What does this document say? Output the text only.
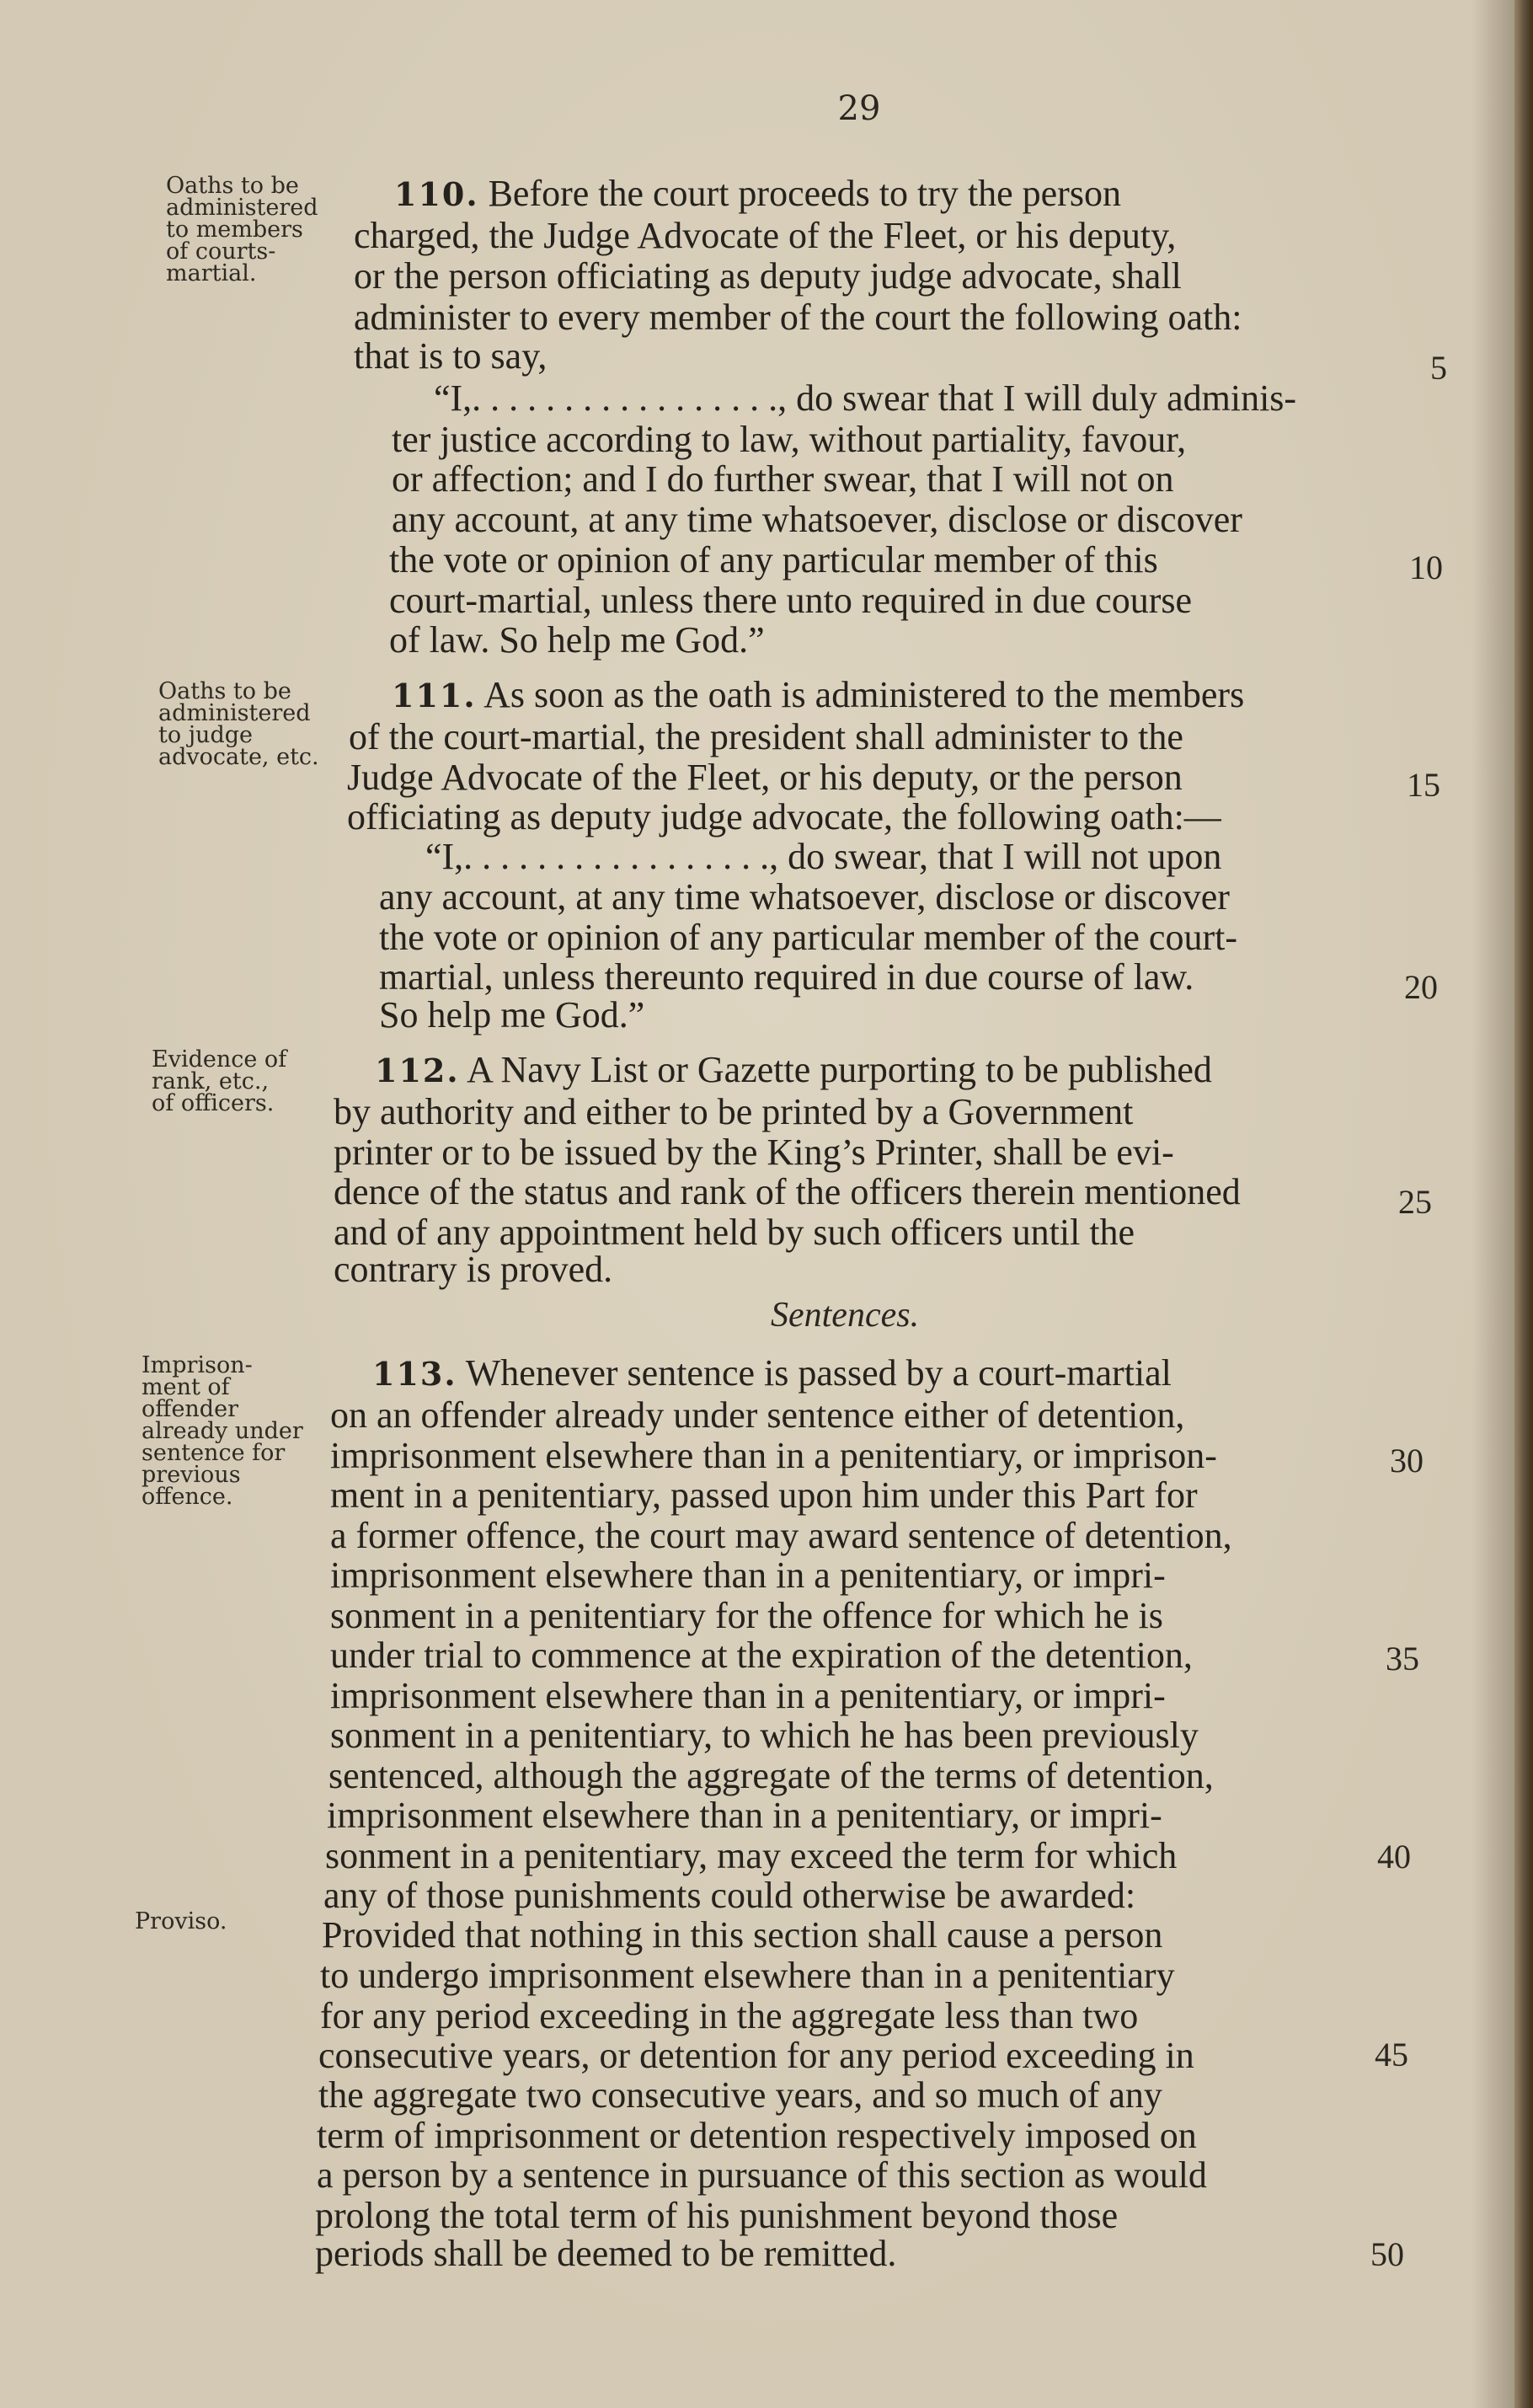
29
Oaths to be
administered
to members
of courts-
martial.
Oaths to be
administered
to judge
advocate, etc.
Evidence of
rank, etc.,
of officers.
Imprison-
ment of
offender
already under
sentence for
previous
offence.
Proviso.
110. Before the court proceeds to try the person
charged, the Judge Advocate of the Fleet, or his deputy,
or the person officiating as deputy judge advocate, shall
administer to every member of the court the following oath:
that is to say,
“I,. . . . . . . . . . . . . . . . ., do swear that I will duly adminis-
ter justice according to law, without partiality, favour,
or affection; and I do further swear, that I will not on
any account, at any time whatsoever, disclose or discover
the vote or opinion of any particular member of this
court-martial, unless there unto required in due course
of law. So help me God.”
111. As soon as the oath is administered to the members
of the court-martial, the president shall administer to the
Judge Advocate of the Fleet, or his deputy, or the person
officiating as deputy judge advocate, the following oath:—
“I,. . . . . . . . . . . . . . . . ., do swear, that I will not upon
any account, at any time whatsoever, disclose or discover
the vote or opinion of any particular member of the court-
martial, unless thereunto required in due course of law.
So help me God.”
112. A Navy List or Gazette purporting to be published
by authority and either to be printed by a Government
printer or to be issued by the King’s Printer, shall be evi-
dence of the status and rank of the officers therein mentioned
and of any appointment held by such officers until the
contrary is proved.
Sentences.
113. Whenever sentence is passed by a court-martial
on an offender already under sentence either of detention,
imprisonment elsewhere than in a penitentiary, or imprison-
ment in a penitentiary, passed upon him under this Part for
a former offence, the court may award sentence of detention,
imprisonment elsewhere than in a penitentiary, or impri-
sonment in a penitentiary for the offence for which he is
under trial to commence at the expiration of the detention,
imprisonment elsewhere than in a penitentiary, or impri-
sonment in a penitentiary, to which he has been previously
sentenced, although the aggregate of the terms of detention,
imprisonment elsewhere than in a penitentiary, or impri-
sonment in a penitentiary, may exceed the term for which
any of those punishments could otherwise be awarded:
Provided that nothing in this section shall cause a person
to undergo imprisonment elsewhere than in a penitentiary
for any period exceeding in the aggregate less than two
consecutive years, or detention for any period exceeding in
the aggregate two consecutive years, and so much of any
term of imprisonment or detention respectively imposed on
a person by a sentence in pursuance of this section as would
prolong the total term of his punishment beyond those
periods shall be deemed to be remitted.
5
10
15
20
25
30
35
40
45
50
